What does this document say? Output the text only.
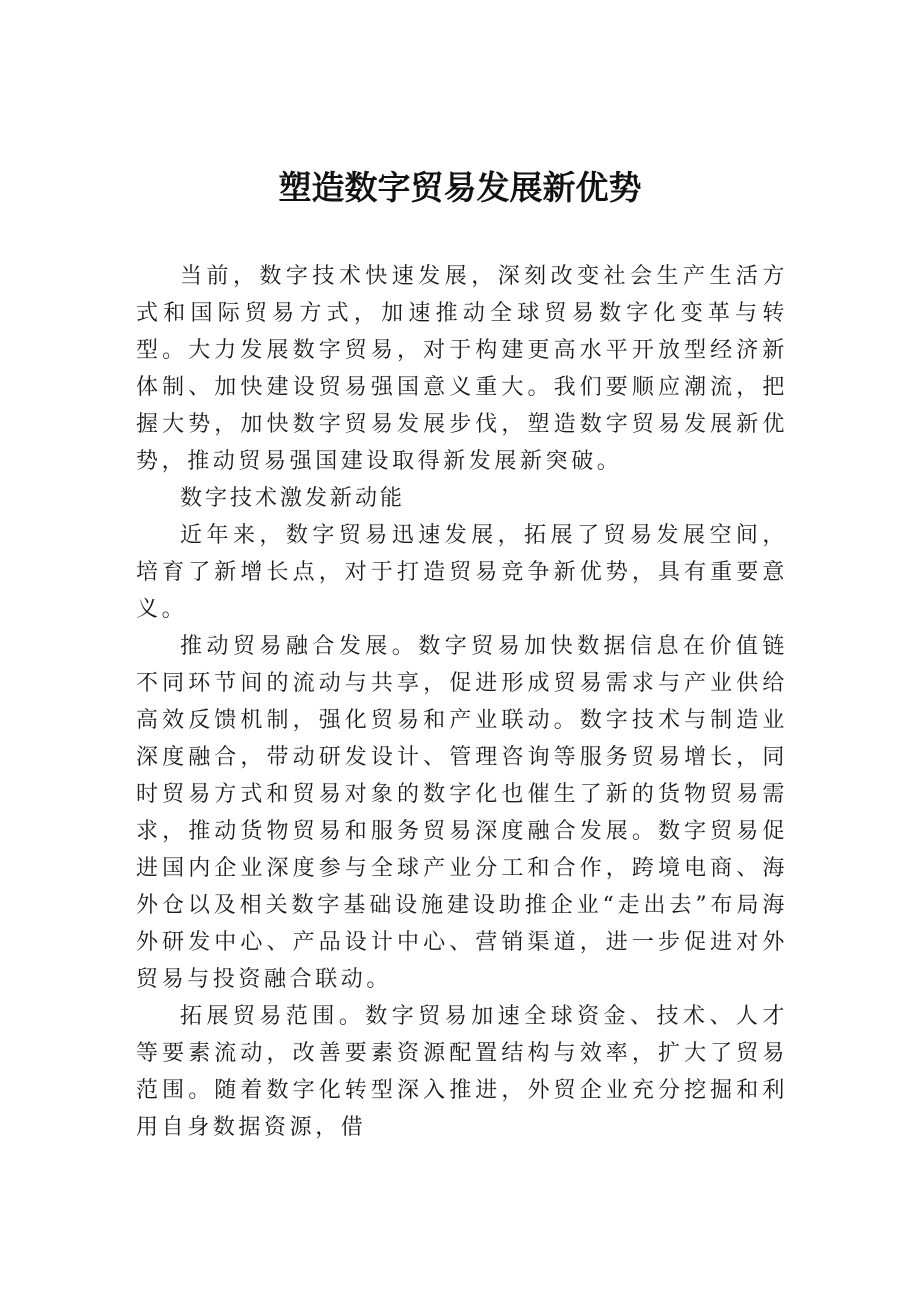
塑造数字贸易发展新优势

当前，数字技术快速发展，深刻改变社会生产生活方式和国际贸易方式，加速推动全球贸易数字化变革与转型。大力发展数字贸易，对于构建更高水平开放型经济新体制、加快建设贸易强国意义重大。我们要顺应潮流，把握大势，加快数字贸易发展步伐，塑造数字贸易发展新优势，推动贸易强国建设取得新发展新突破。

数字技术激发新动能

近年来，数字贸易迅速发展，拓展了贸易发展空间，培育了新增长点，对于打造贸易竞争新优势，具有重要意义。

推动贸易融合发展。数字贸易加快数据信息在价值链不同环节间的流动与共享，促进形成贸易需求与产业供给高效反馈机制，强化贸易和产业联动。数字技术与制造业深度融合，带动研发设计、管理咨询等服务贸易增长，同时贸易方式和贸易对象的数字化也催生了新的货物贸易需求，推动货物贸易和服务贸易深度融合发展。数字贸易促进国内企业深度参与全球产业分工和合作，跨境电商、海外仓以及相关数字基础设施建设助推企业“走出去”布局海外研发中心、产品设计中心、营销渠道，进一步促进对外贸易与投资融合联动。

拓展贸易范围。数字贸易加速全球资金、技术、人才等要素流动，改善要素资源配置结构与效率，扩大了贸易范围。随着数字化转型深入推进，外贸企业充分挖掘和利用自身数据资源，借
